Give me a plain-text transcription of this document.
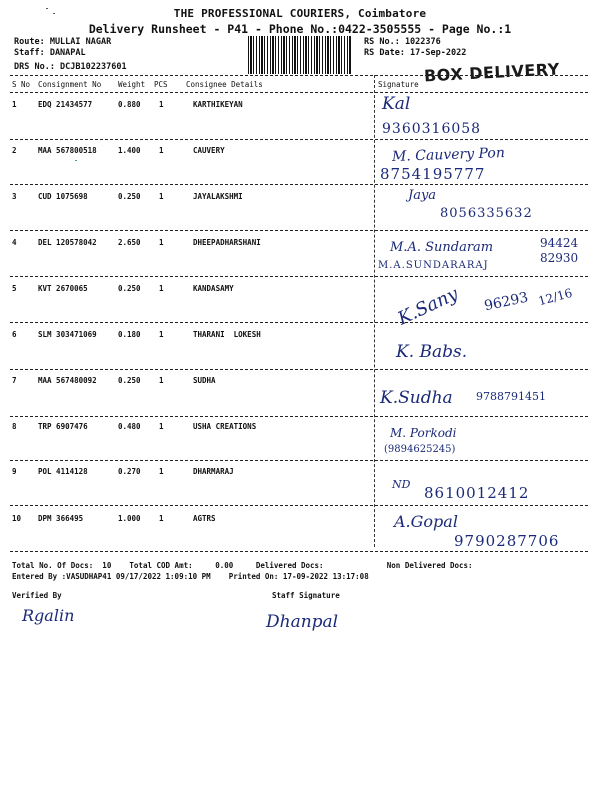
THE PROFESSIONAL COURIERS, Coimbatore
Delivery Runsheet - P41 - Phone No.:0422-3505555 - Page No.:1
Route: MULLAI NAGAR
Staff: DANAPAL
DRS No.: DCJB102237601
RS No.: 1022376
RS Date: 17-Sep-2022
BOX DELIVERY
S No Consignment No Weight PCS Consignee Details	Signature
1	EDQ 21434577	0.880 1	KARTHIKEYAN	Kal
9360316058
2	MAA 567800518	1.400 1	CAUVERY	M. Cauvery Pon
8754195777
3	CUD 1075698	0.250 1	JAYALAKSHMI	Jaya
8056335632
4	DEL 120578042	2.650 1	DHEEPADHARSHANI	M.A. Sundaram
M.A.SUNDARARAJ
94424
82930
5	KVT 2670065	0.250 1	KANDASAMY	K.Sany 96293 12/16
6	SLM 303471069	0.180 1	THARANI  LOKESH
K. Babs.
7	MAA 567480092	0.250 1	SUDHA
K.Sudha 9788791451
8	TRP 6907476	0.480 1	USHA CREATIONS	M. Porkodi
(9894625245)
9	POL 4114128	0.270 1	DHARMARAJ
ND 8610012412
10 DPM 366495	1.000 1	AGTRS	A.Gopal
9790287706
Total No. Of Docs:  10    Total COD Amt:     0.00     Delivered Docs:              Non Delivered Docs:
Entered By :VASUDHAP41 09/17/2022 1:09:10 PM    Printed On: 17-09-2022 13:17:08
Verified By	Staff Signature
Rgalin	Dhanpal
